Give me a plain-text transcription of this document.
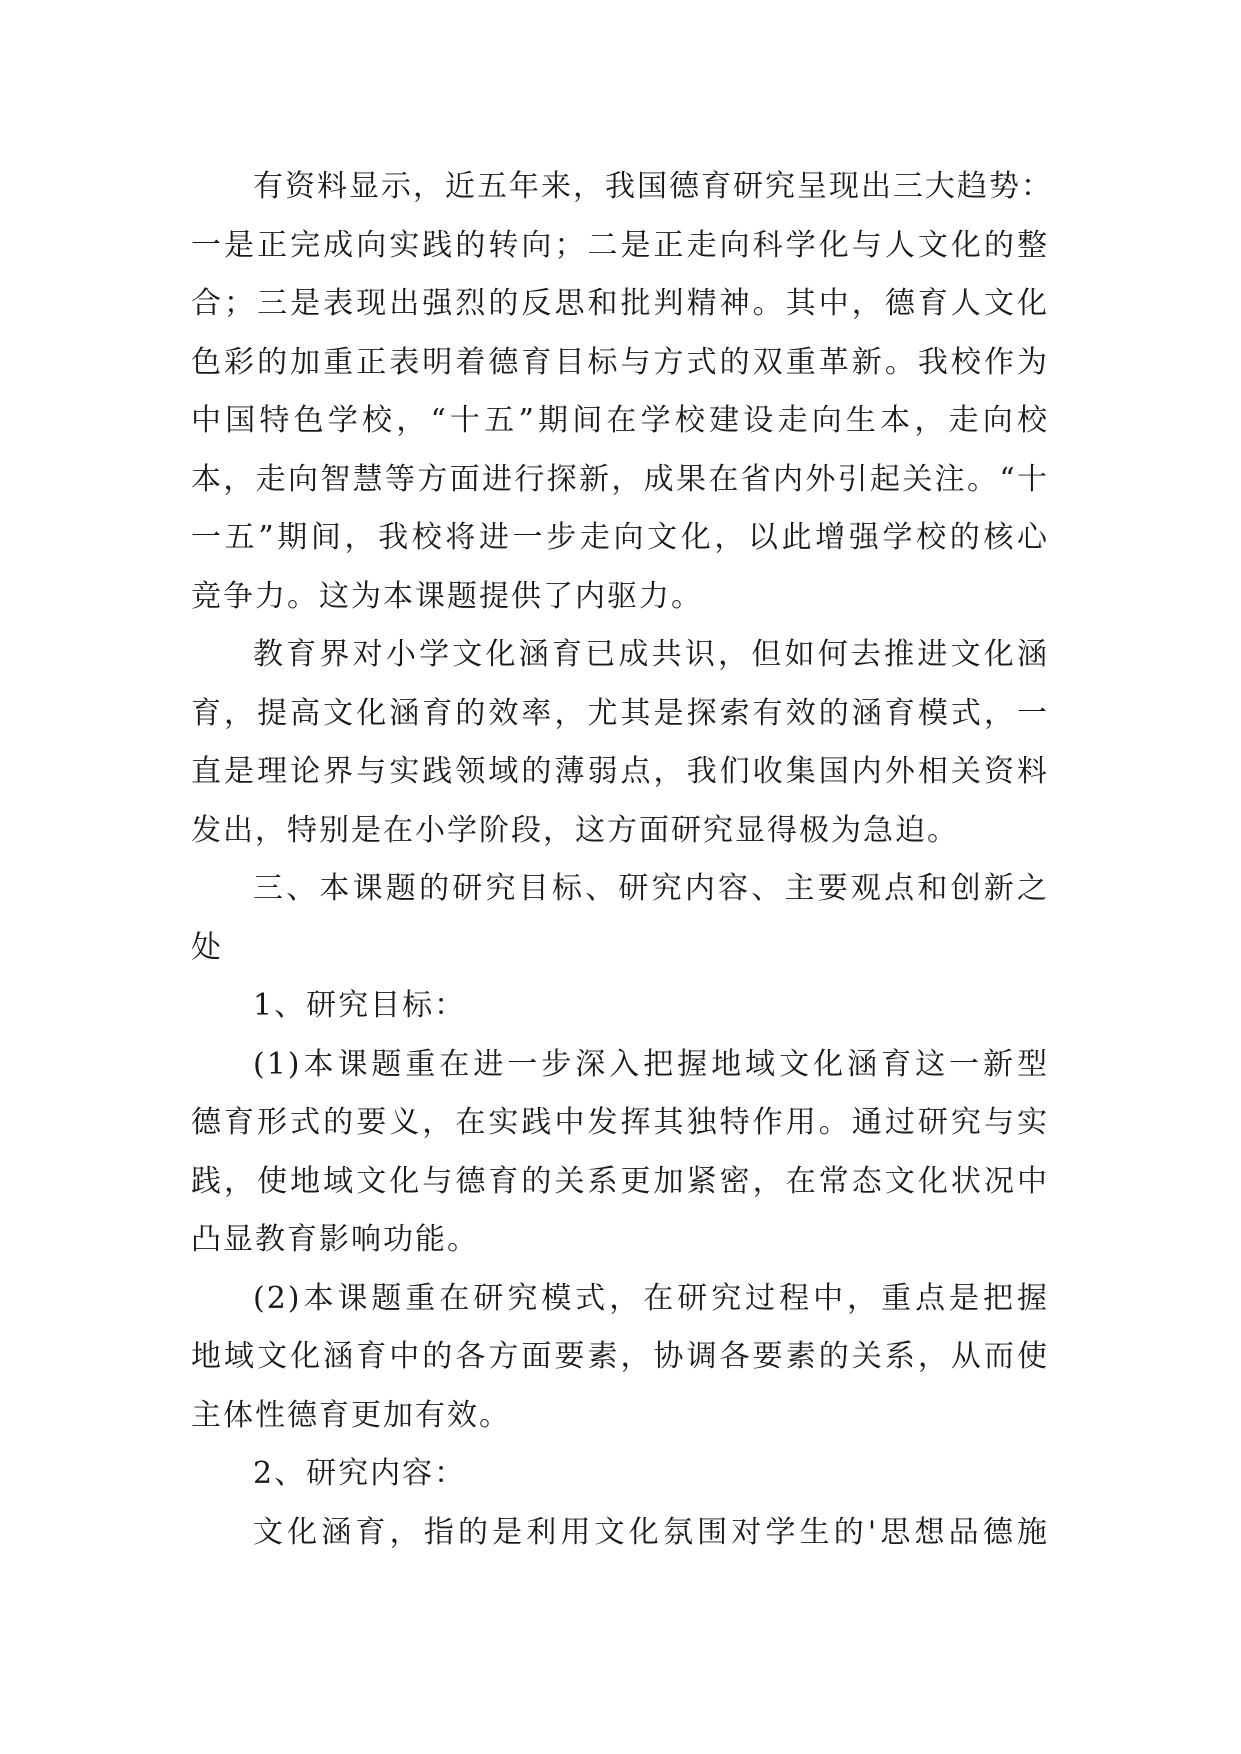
有资料显示，近五年来，我国德育研究呈现出三大趋势：
一是正完成向实践的转向；二是正走向科学化与人文化的整
合；三是表现出强烈的反思和批判精神。其中，德育人文化
色彩的加重正表明着德育目标与方式的双重革新。我校作为
中国特色学校，“十五”期间在学校建设走向生本，走向校
本，走向智慧等方面进行探新，成果在省内外引起关注。“十
一五”期间，我校将进一步走向文化，以此增强学校的核心
竞争力。这为本课题提供了内驱力。
教育界对小学文化涵育已成共识，但如何去推进文化涵
育，提高文化涵育的效率，尤其是探索有效的涵育模式，一
直是理论界与实践领域的薄弱点，我们收集国内外相关资料
发出，特别是在小学阶段，这方面研究显得极为急迫。
三、本课题的研究目标、研究内容、主要观点和创新之
处
1、研究目标：
(1)本课题重在进一步深入把握地域文化涵育这一新型
德育形式的要义，在实践中发挥其独特作用。通过研究与实
践，使地域文化与德育的关系更加紧密，在常态文化状况中
凸显教育影响功能。
(2)本课题重在研究模式，在研究过程中，重点是把握
地域文化涵育中的各方面要素，协调各要素的关系，从而使
主体性德育更加有效。
2、研究内容：
文化涵育，指的是利用文化氛围对学生的'思想品德施
